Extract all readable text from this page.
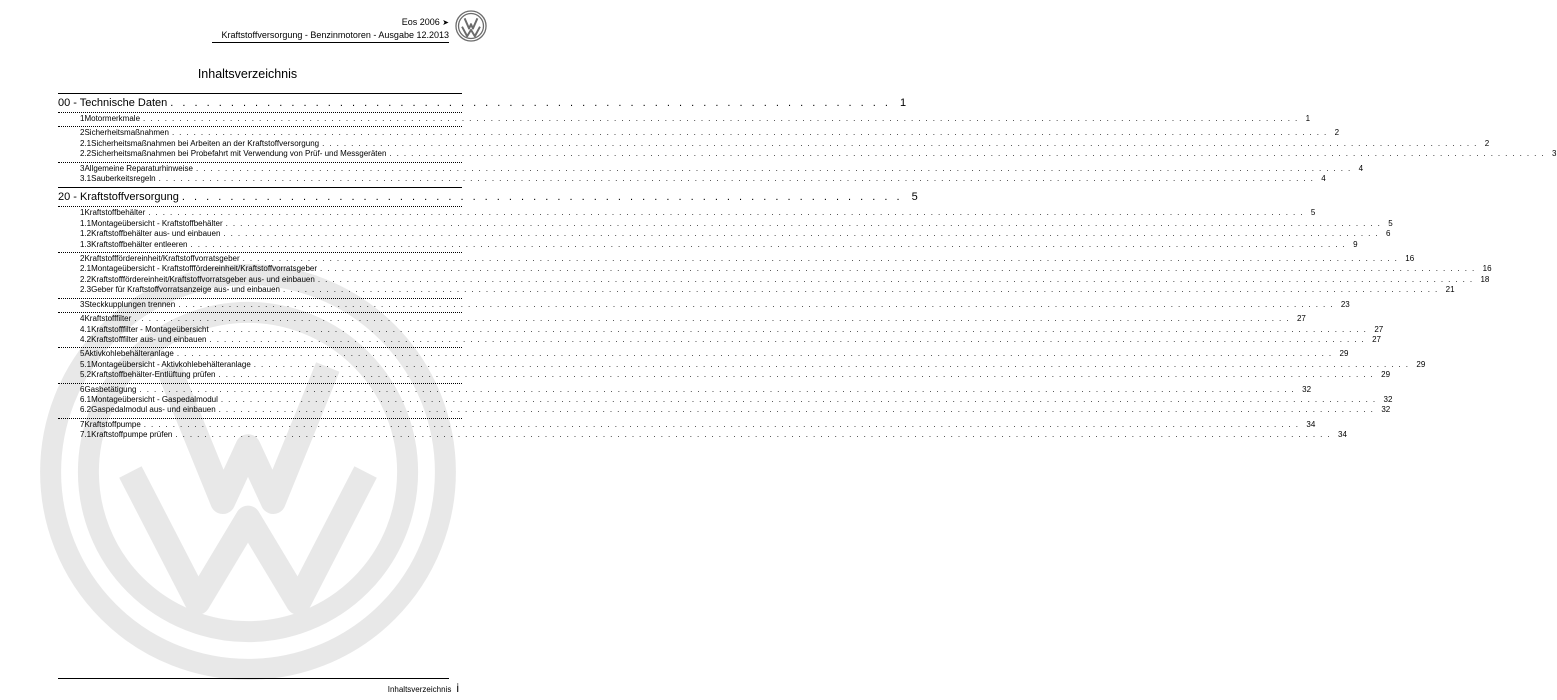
Eos 2006 ➤
Kraftstoffversorgung - Benzinmotoren - Ausgabe 12.2013
Inhaltsverzeichnis
00 - Technische Daten . . . . . . . . . . . . . . . . . . . . . . . . . . . . . . . . . . . . . . . . . . . . . . . . . . . . . . . . . . . . 1
1 Motormerkmale . . . . . . . . . . . . . . . . . . . . . . . . . . . . . . . . . . . . . . . . . . . . . . . . . . . . . . . . . . . . . . . . . . . . . . . . . . . . . . . . . . . . . . . . . . . . . . . . . . . . . . . . . . . . . . . . . . . . . . . . . . . . . . . . . . . . . . . . . . . . . . . . . . . . . . . . . . . . . . . . 1
2 Sicherheitsmaßnahmen . . . . . . . . . . . . . . . . . . . . . . . . . . . . . . . . . . . . . . . . . . . . . . . . . . . . . . . . . . . . . . . . . . . . . . . . . . . . . . . . . . . . . . . . . . . . . . . . . . . . . . . . . . . . . . . . . . . . . . . . . . . . . . . . . . . . . . . . . . . . . . . . . . . . . . . . . . . . . . . . 2
2.1 Sicherheitsmaßnahmen bei Arbeiten an der Kraftstoffversorgung . . . . . . . . . . . . . . . . . . . . . . . . . . . . . . . . . . . . . . . . . . . . . . . . . . . . . . . . . . . . . . . . . . . . . . . . . . . . . . . . . . . . . . . . . . . . . . . . . . . . . . . . . . . . . . . . . . . . . . . . . . . . . . . . . . . . . . . . . . . . . . . . . . . . . . . . . . . . . . . . 2
2.2 Sicherheitsmaßnahmen bei Probefahrt mit Verwendung von Prüf- und Messgeräten . . . . . . . . . . . . . . . . . . . . . . . . . . . . . . . . . . . . . . . . . . . . . . . . . . . . . . . . . . . . . . . . . . . . . . . . . . . . . . . . . . . . . . . . . . . . . . . . . . . . . . . . . . . . . . . . . . . . . . . . . . . . . . . . . . . . . . . . . . . . . . . . . . . . . . . . . . . . . . . . 3
3 Allgemeine Reparaturhinweise . . . . . . . . . . . . . . . . . . . . . . . . . . . . . . . . . . . . . . . . . . . . . . . . . . . . . . . . . . . . . . . . . . . . . . . . . . . . . . . . . . . . . . . . . . . . . . . . . . . . . . . . . . . . . . . . . . . . . . . . . . . . . . . . . . . . . . . . . . . . . . . . . . . . . . . . . . . . . . . . 4
3.1 Sauberkeitsregeln . . . . . . . . . . . . . . . . . . . . . . . . . . . . . . . . . . . . . . . . . . . . . . . . . . . . . . . . . . . . . . . . . . . . . . . . . . . . . . . . . . . . . . . . . . . . . . . . . . . . . . . . . . . . . . . . . . . . . . . . . . . . . . . . . . . . . . . . . . . . . . . . . . . . . . . . . . . . . . . . 4
20 - Kraftstoffversorgung . . . . . . . . . . . . . . . . . . . . . . . . . . . . . . . . . . . . . . . . . . . . . . . . . . . . . . . . . . . . 5
1 Kraftstoffbehälter . . . . . . . . . . . . . . . . . . . . . . . . . . . . . . . . . . . . . . . . . . . . . . . . . . . . . . . . . . . . . . . . . . . . . . . . . . . . . . . . . . . . . . . . . . . . . . . . . . . . . . . . . . . . . . . . . . . . . . . . . . . . . . . . . . . . . . . . . . . . . . . . . . . . . . . . . . . . . . . . 5
1.1 Montageübersicht - Kraftstoffbehälter . . . . . . . . . . . . . . . . . . . . . . . . . . . . . . . . . . . . . . . . . . . . . . . . . . . . . . . . . . . . . . . . . . . . . . . . . . . . . . . . . . . . . . . . . . . . . . . . . . . . . . . . . . . . . . . . . . . . . . . . . . . . . . . . . . . . . . . . . . . . . . . . . . . . . . . . . . . . . . . . 5
1.2 Kraftstoffbehälter aus- und einbauen . . . . . . . . . . . . . . . . . . . . . . . . . . . . . . . . . . . . . . . . . . . . . . . . . . . . . . . . . . . . . . . . . . . . . . . . . . . . . . . . . . . . . . . . . . . . . . . . . . . . . . . . . . . . . . . . . . . . . . . . . . . . . . . . . . . . . . . . . . . . . . . . . . . . . . . . . . . . . . . . 6
1.3 Kraftstoffbehälter entleeren . . . . . . . . . . . . . . . . . . . . . . . . . . . . . . . . . . . . . . . . . . . . . . . . . . . . . . . . . . . . . . . . . . . . . . . . . . . . . . . . . . . . . . . . . . . . . . . . . . . . . . . . . . . . . . . . . . . . . . . . . . . . . . . . . . . . . . . . . . . . . . . . . . . . . . . . . . . . . . . . 9
2 Kraftstofffördereinheit/Kraftstoffvorratsgeber . . . . . . . . . . . . . . . . . . . . . . . . . . . . . . . . . . . . . . . . . . . . . . . . . . . . . . . . . . . . . . . . . . . . . . . . . . . . . . . . . . . . . . . . . . . . . . . . . . . . . . . . . . . . . . . . . . . . . . . . . . . . . . . . . . . . . . . . . . . . . . . . . . . . . . . . . . . . . . . . 16
2.1 Montageübersicht - Kraftstofffördereinheit/Kraftstoffvorratsgeber . . . . . . . . . . . . . . . . . . . . . . . . . . . . . . . . . . . . . . . . . . . . . . . . . . . . . . . . . . . . . . . . . . . . . . . . . . . . . . . . . . . . . . . . . . . . . . . . . . . . . . . . . . . . . . . . . . . . . . . . . . . . . . . . . . . . . . . . . . . . . . . . . . . . . . . . . . . . . . . . 16
2.2 Kraftstofffördereinheit/Kraftstoffvorratsgeber aus- und einbauen . . . . . . . . . . . . . . . . . . . . . . . . . . . . . . . . . . . . . . . . . . . . . . . . . . . . . . . . . . . . . . . . . . . . . . . . . . . . . . . . . . . . . . . . . . . . . . . . . . . . . . . . . . . . . . . . . . . . . . . . . . . . . . . . . . . . . . . . . . . . . . . . . . . . . . . . . . . . . . . . 18
2.3 Geber für Kraftstoffvorratsanzeige aus- und einbauen . . . . . . . . . . . . . . . . . . . . . . . . . . . . . . . . . . . . . . . . . . . . . . . . . . . . . . . . . . . . . . . . . . . . . . . . . . . . . . . . . . . . . . . . . . . . . . . . . . . . . . . . . . . . . . . . . . . . . . . . . . . . . . . . . . . . . . . . . . . . . . . . . . . . . . . . . . . . . . . . 21
3 Steckkupplungen trennen . . . . . . . . . . . . . . . . . . . . . . . . . . . . . . . . . . . . . . . . . . . . . . . . . . . . . . . . . . . . . . . . . . . . . . . . . . . . . . . . . . . . . . . . . . . . . . . . . . . . . . . . . . . . . . . . . . . . . . . . . . . . . . . . . . . . . . . . . . . . . . . . . . . . . . . . . . . . . . . . 23
4 Kraftstofffilter . . . . . . . . . . . . . . . . . . . . . . . . . . . . . . . . . . . . . . . . . . . . . . . . . . . . . . . . . . . . . . . . . . . . . . . . . . . . . . . . . . . . . . . . . . . . . . . . . . . . . . . . . . . . . . . . . . . . . . . . . . . . . . . . . . . . . . . . . . . . . . . . . . . . . . . . . . . . . . . . 27
4.1 Kraftstofffilter - Montageübersicht . . . . . . . . . . . . . . . . . . . . . . . . . . . . . . . . . . . . . . . . . . . . . . . . . . . . . . . . . . . . . . . . . . . . . . . . . . . . . . . . . . . . . . . . . . . . . . . . . . . . . . . . . . . . . . . . . . . . . . . . . . . . . . . . . . . . . . . . . . . . . . . . . . . . . . . . . . . . . . . . 27
4.2 Kraftstofffilter aus- und einbauen . . . . . . . . . . . . . . . . . . . . . . . . . . . . . . . . . . . . . . . . . . . . . . . . . . . . . . . . . . . . . . . . . . . . . . . . . . . . . . . . . . . . . . . . . . . . . . . . . . . . . . . . . . . . . . . . . . . . . . . . . . . . . . . . . . . . . . . . . . . . . . . . . . . . . . . . . . . . . . . . 27
5 Aktivkohlebehälteranlage . . . . . . . . . . . . . . . . . . . . . . . . . . . . . . . . . . . . . . . . . . . . . . . . . . . . . . . . . . . . . . . . . . . . . . . . . . . . . . . . . . . . . . . . . . . . . . . . . . . . . . . . . . . . . . . . . . . . . . . . . . . . . . . . . . . . . . . . . . . . . . . . . . . . . . . . . . . . . . . . 29
5.1 Montageübersicht - Aktivkohlebehälteranlage . . . . . . . . . . . . . . . . . . . . . . . . . . . . . . . . . . . . . . . . . . . . . . . . . . . . . . . . . . . . . . . . . . . . . . . . . . . . . . . . . . . . . . . . . . . . . . . . . . . . . . . . . . . . . . . . . . . . . . . . . . . . . . . . . . . . . . . . . . . . . . . . . . . . . . . . . . . . . . . . 29
5.2 Kraftstoffbehälter-Entlüftung prüfen . . . . . . . . . . . . . . . . . . . . . . . . . . . . . . . . . . . . . . . . . . . . . . . . . . . . . . . . . . . . . . . . . . . . . . . . . . . . . . . . . . . . . . . . . . . . . . . . . . . . . . . . . . . . . . . . . . . . . . . . . . . . . . . . . . . . . . . . . . . . . . . . . . . . . . . . . . . . . . . . 29
6 Gasbetätigung . . . . . . . . . . . . . . . . . . . . . . . . . . . . . . . . . . . . . . . . . . . . . . . . . . . . . . . . . . . . . . . . . . . . . . . . . . . . . . . . . . . . . . . . . . . . . . . . . . . . . . . . . . . . . . . . . . . . . . . . . . . . . . . . . . . . . . . . . . . . . . . . . . . . . . . . . . . . . . . . 32
6.1 Montageübersicht - Gaspedalmodul . . . . . . . . . . . . . . . . . . . . . . . . . . . . . . . . . . . . . . . . . . . . . . . . . . . . . . . . . . . . . . . . . . . . . . . . . . . . . . . . . . . . . . . . . . . . . . . . . . . . . . . . . . . . . . . . . . . . . . . . . . . . . . . . . . . . . . . . . . . . . . . . . . . . . . . . . . . . . . . . 32
6.2 Gaspedalmodul aus- und einbauen . . . . . . . . . . . . . . . . . . . . . . . . . . . . . . . . . . . . . . . . . . . . . . . . . . . . . . . . . . . . . . . . . . . . . . . . . . . . . . . . . . . . . . . . . . . . . . . . . . . . . . . . . . . . . . . . . . . . . . . . . . . . . . . . . . . . . . . . . . . . . . . . . . . . . . . . . . . . . . . . 32
7 Kraftstoffpumpe . . . . . . . . . . . . . . . . . . . . . . . . . . . . . . . . . . . . . . . . . . . . . . . . . . . . . . . . . . . . . . . . . . . . . . . . . . . . . . . . . . . . . . . . . . . . . . . . . . . . . . . . . . . . . . . . . . . . . . . . . . . . . . . . . . . . . . . . . . . . . . . . . . . . . . . . . . . . . . . . 34
7.1 Kraftstoffpumpe prüfen . . . . . . . . . . . . . . . . . . . . . . . . . . . . . . . . . . . . . . . . . . . . . . . . . . . . . . . . . . . . . . . . . . . . . . . . . . . . . . . . . . . . . . . . . . . . . . . . . . . . . . . . . . . . . . . . . . . . . . . . . . . . . . . . . . . . . . . . . . . . . . . . . . . . . . . . . . . . . . . . 34
Inhaltsverzeichnis i
